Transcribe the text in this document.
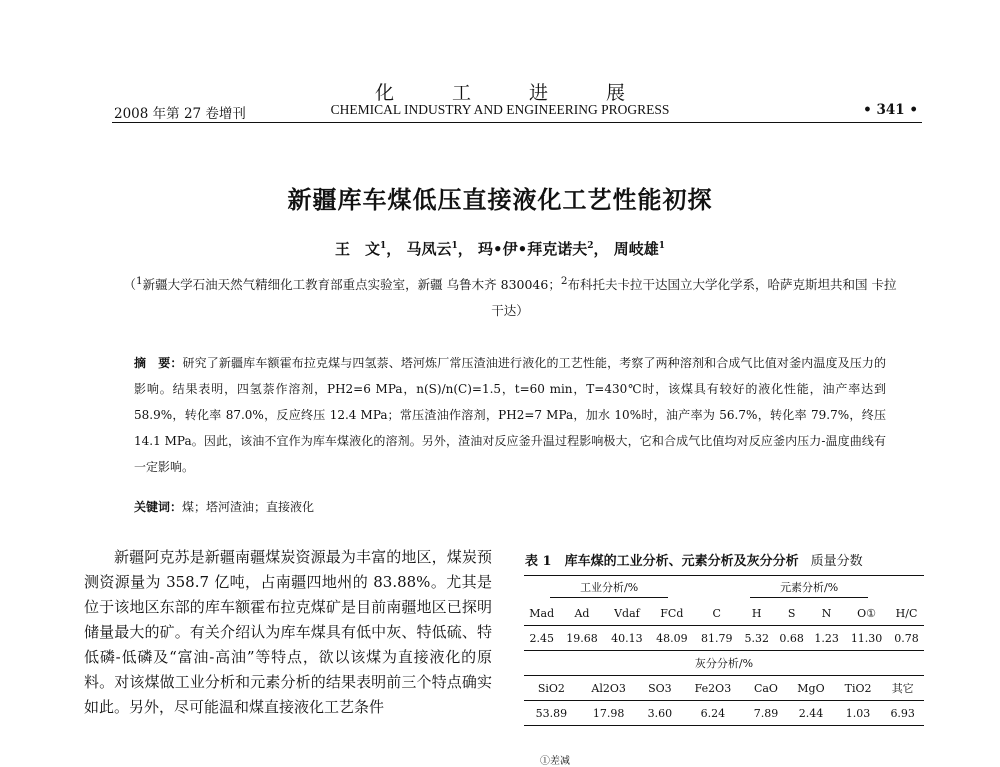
化 工 进 展
2008 年第 27 卷增刊	CHEMICAL INDUSTRY AND ENGINEERING PROGRESS	• 341 •
新疆库车煤低压直接液化工艺性能初探
王　文$^1$， 马凤云$^1$， 玛•伊•拜克诺夫$^2$， 周岐雄$^1$
（$^1$新疆大学石油天然气精细化工教育部重点实验室，新疆 乌鲁木齐 830046；$^2$布科托夫卡拉干达国立大学化学系，哈萨克斯坦共和国 卡拉干达）
摘　要：研究了新疆库车额霍布拉克煤与四氢萘、塔河炼厂常压渣油进行液化的工艺性能，考察了两种溶剂和合成气比值对釜内温度及压力的影响。结果表明，四氢萘作溶剂，PH2=6 MPa，n(S)/n(C)=1.5，t=60 min，T=430℃时，该煤具有较好的液化性能，油产率达到 58.9%，转化率 87.0%，反应终压 12.4 MPa；常压渣油作溶剂，PH2=7 MPa，加水 10%时，油产率为 56.7%，转化率 79.7%，终压 14.1 MPa。因此，该油不宜作为库车煤液化的溶剂。另外，渣油对反应釜升温过程影响极大，它和合成气比值均对反应釜内压力-温度曲线有一定影响。
关键词：煤；塔河渣油；直接液化
新疆阿克苏是新疆南疆煤炭资源最为丰富的地区，煤炭预测资源量为 358.7 亿吨，占南疆四地州的 83.88%。尤其是位于该地区东部的库车额霍布拉克煤矿是目前南疆地区已探明储量最大的矿。有关介绍认为库车煤具有低中灰、特低硫、特低磷-低磷及“富油-高油”等特点，欲以该煤为直接液化的原料。对该煤做工业分析和元素分析的结果表明前三个特点确实如此。另外，尽可能温和煤直接液化工艺条件
表 1　库车煤的工业分析、元素分析及灰分分析 质量分数
工业分析/%				元素分析/%					
Mad	Ad	Vdaf	FCd	C	H	S	N	O①	H/C
2.45	19.68	40.13	48.09	81.79	5.32	0.68	1.23	11.30	0.78
灰分分析/%									
SiO2	Al2O3	SO3	Fe2O3	CaO	MgO	TiO2	其它
53.89	17.98	3.60	6.24	7.89	2.44	1.03	6.93
①差减
